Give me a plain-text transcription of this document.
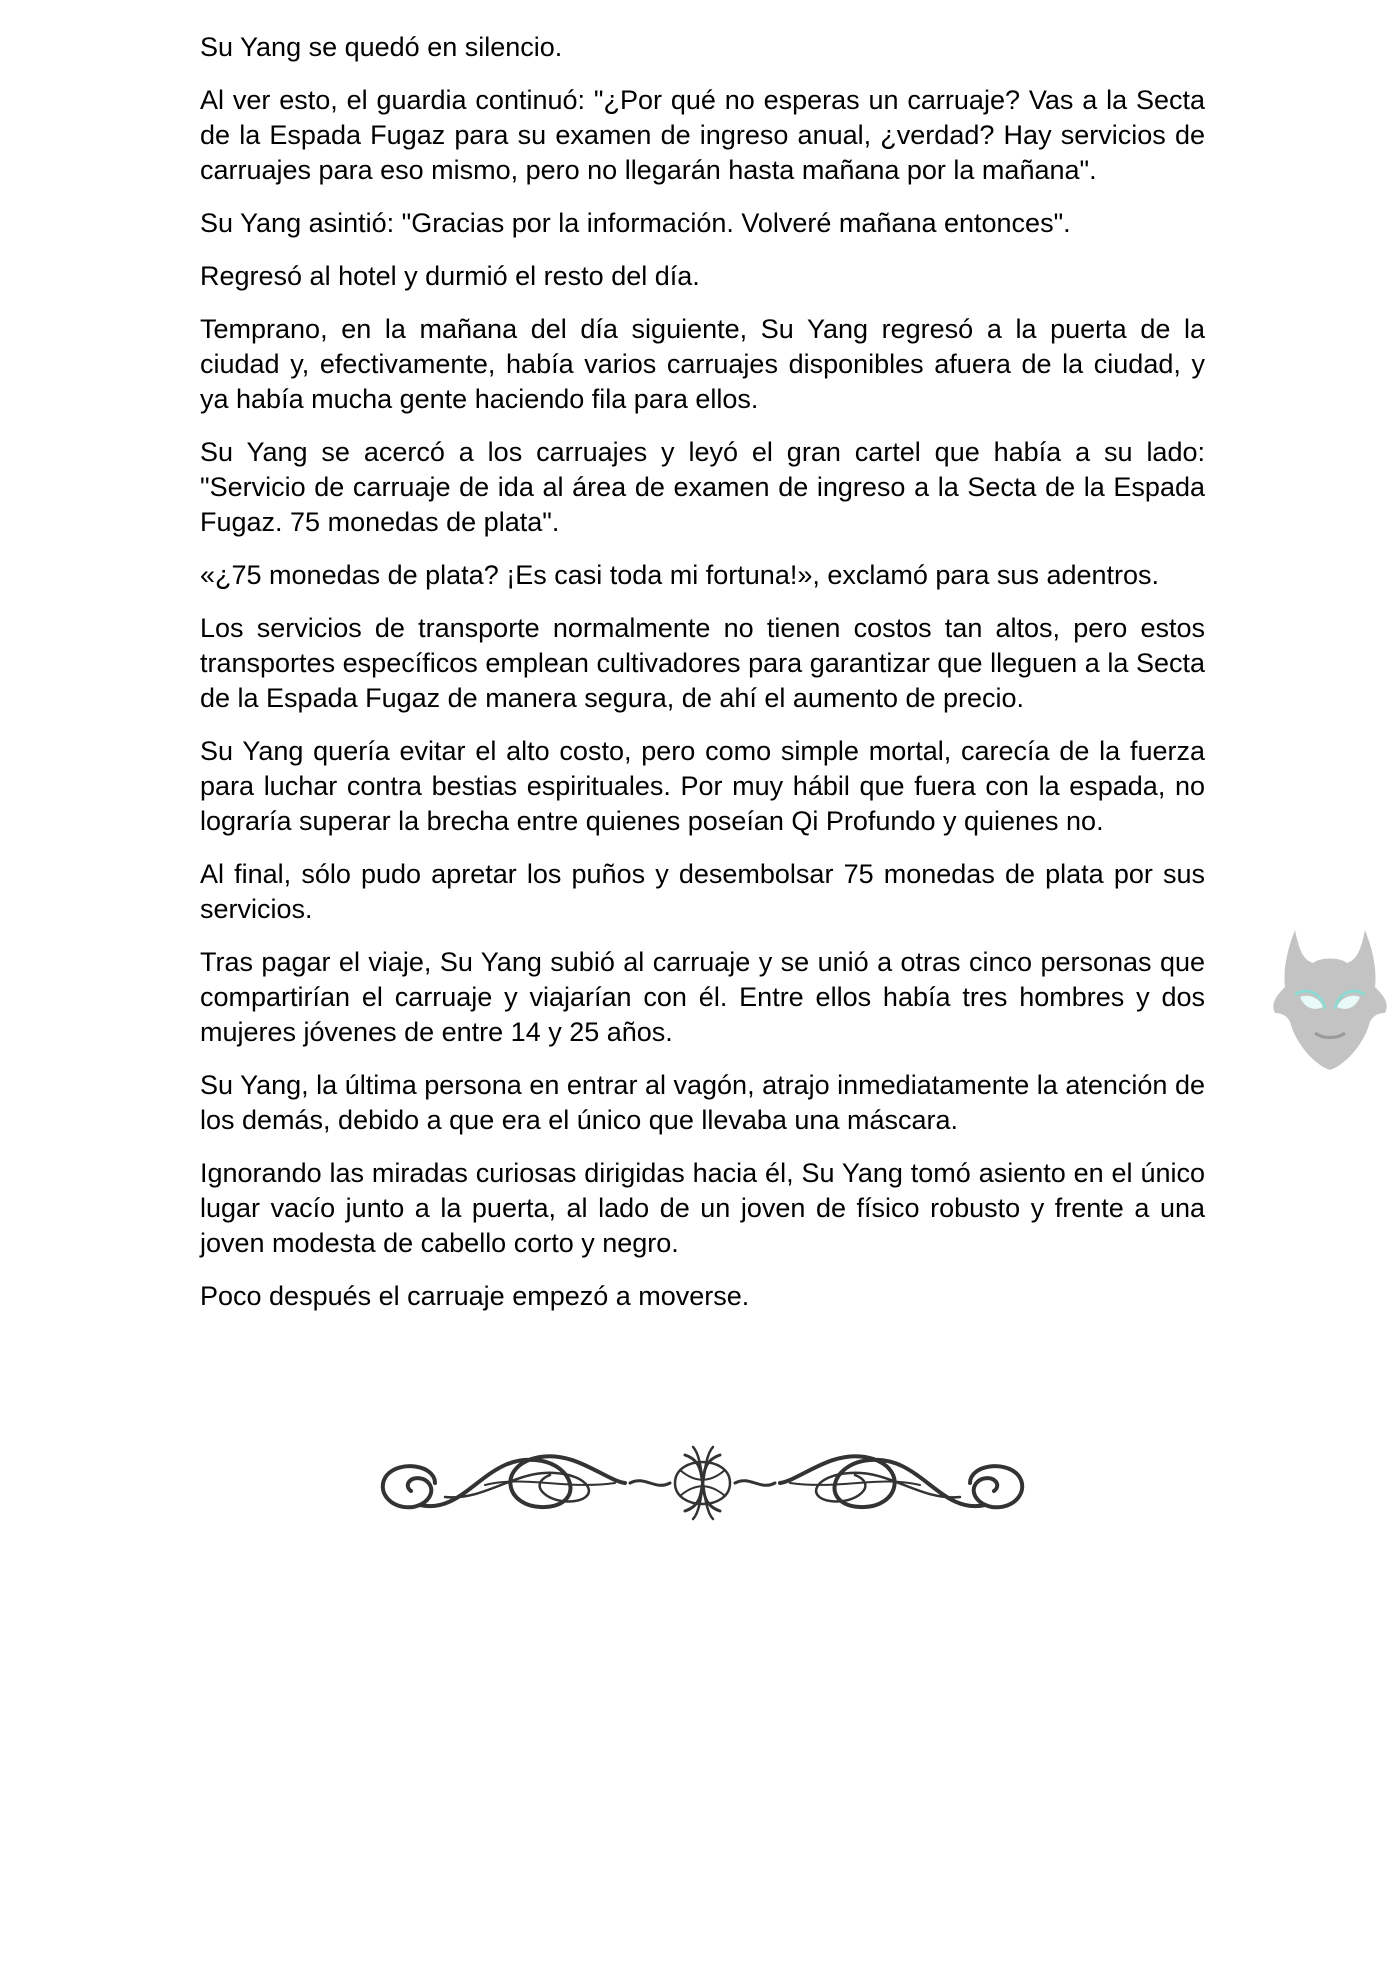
Su Yang se quedó en silencio.

Al ver esto, el guardia continuó: "¿Por qué no esperas un carruaje? Vas a la Secta de la Espada Fugaz para su examen de ingreso anual, ¿verdad? Hay servicios de carruajes para eso mismo, pero no llegarán hasta mañana por la mañana".

Su Yang asintió: "Gracias por la información. Volveré mañana entonces".

Regresó al hotel y durmió el resto del día.

Temprano, en la mañana del día siguiente, Su Yang regresó a la puerta de la ciudad y, efectivamente, había varios carruajes disponibles afuera de la ciudad, y ya había mucha gente haciendo fila para ellos.

Su Yang se acercó a los carruajes y leyó el gran cartel que había a su lado: "Servicio de carruaje de ida al área de examen de ingreso a la Secta de la Espada Fugaz. 75 monedas de plata".

«¿75 monedas de plata? ¡Es casi toda mi fortuna!», exclamó para sus adentros.

Los servicios de transporte normalmente no tienen costos tan altos, pero estos transportes específicos emplean cultivadores para garantizar que lleguen a la Secta de la Espada Fugaz de manera segura, de ahí el aumento de precio.

Su Yang quería evitar el alto costo, pero como simple mortal, carecía de la fuerza para luchar contra bestias espirituales. Por muy hábil que fuera con la espada, no lograría superar la brecha entre quienes poseían Qi Profundo y quienes no.

Al final, sólo pudo apretar los puños y desembolsar 75 monedas de plata por sus servicios.

Tras pagar el viaje, Su Yang subió al carruaje y se unió a otras cinco personas que compartirían el carruaje y viajarían con él. Entre ellos había tres hombres y dos mujeres jóvenes de entre 14 y 25 años.

Su Yang, la última persona en entrar al vagón, atrajo inmediatamente la atención de los demás, debido a que era el único que llevaba una máscara.

Ignorando las miradas curiosas dirigidas hacia él, Su Yang tomó asiento en el único lugar vacío junto a la puerta, al lado de un joven de físico robusto y frente a una joven modesta de cabello corto y negro.

Poco después el carruaje empezó a moverse.
